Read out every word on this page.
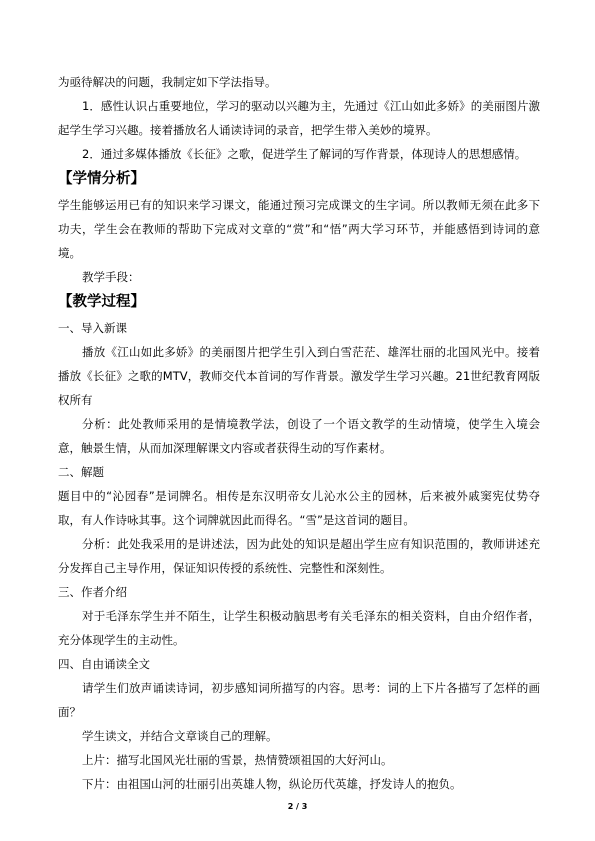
为亟待解决的问题，我制定如下学法指导。

1．感性认识占重要地位，学习的驱动以兴趣为主，先通过《江山如此多娇》的美丽图片激起学生学习兴趣。接着播放名人诵读诗词的录音，把学生带入美妙的境界。

2．通过多媒体播放《长征》之歌，促进学生了解词的写作背景，体现诗人的思想感情。

【学情分析】

学生能够运用已有的知识来学习课文，能通过预习完成课文的生字词。所以教师无须在此多下功夫，学生会在教师的帮助下完成对文章的“赏”和“悟”两大学习环节，并能感悟到诗词的意境。

教学手段：

【教学过程】

一、导入新课

播放《江山如此多娇》的美丽图片把学生引入到白雪茫茫、雄浑壮丽的北国风光中。接着播放《长征》之歌的MTV，教师交代本首词的写作背景。激发学生学习兴趣。21世纪教育网版权所有

分析：此处教师采用的是情境教学法，创设了一个语文教学的生动情境，使学生入境会意，触景生情，从而加深理解课文内容或者获得生动的写作素材。

二、解题

题目中的“沁园春”是词牌名。相传是东汉明帝女儿沁水公主的园林，后来被外戚窦宪仗势夺取，有人作诗咏其事。这个词牌就因此而得名。“雪”是这首词的题目。

分析：此处我采用的是讲述法，因为此处的知识是超出学生应有知识范围的，教师讲述充分发挥自己主导作用，保证知识传授的系统性、完整性和深刻性。

三、作者介绍

对于毛泽东学生并不陌生，让学生积极动脑思考有关毛泽东的相关资料，自由介绍作者，充分体现学生的主动性。

四、自由诵读全文

请学生们放声诵读诗词，初步感知词所描写的内容。思考：词的上下片各描写了怎样的画面？

学生读文，并结合文章谈自己的理解。

上片：描写北国风光壮丽的雪景，热情赞颂祖国的大好河山。

下片：由祖国山河的壮丽引出英雄人物，纵论历代英雄，抒发诗人的抱负。

2 / 3
